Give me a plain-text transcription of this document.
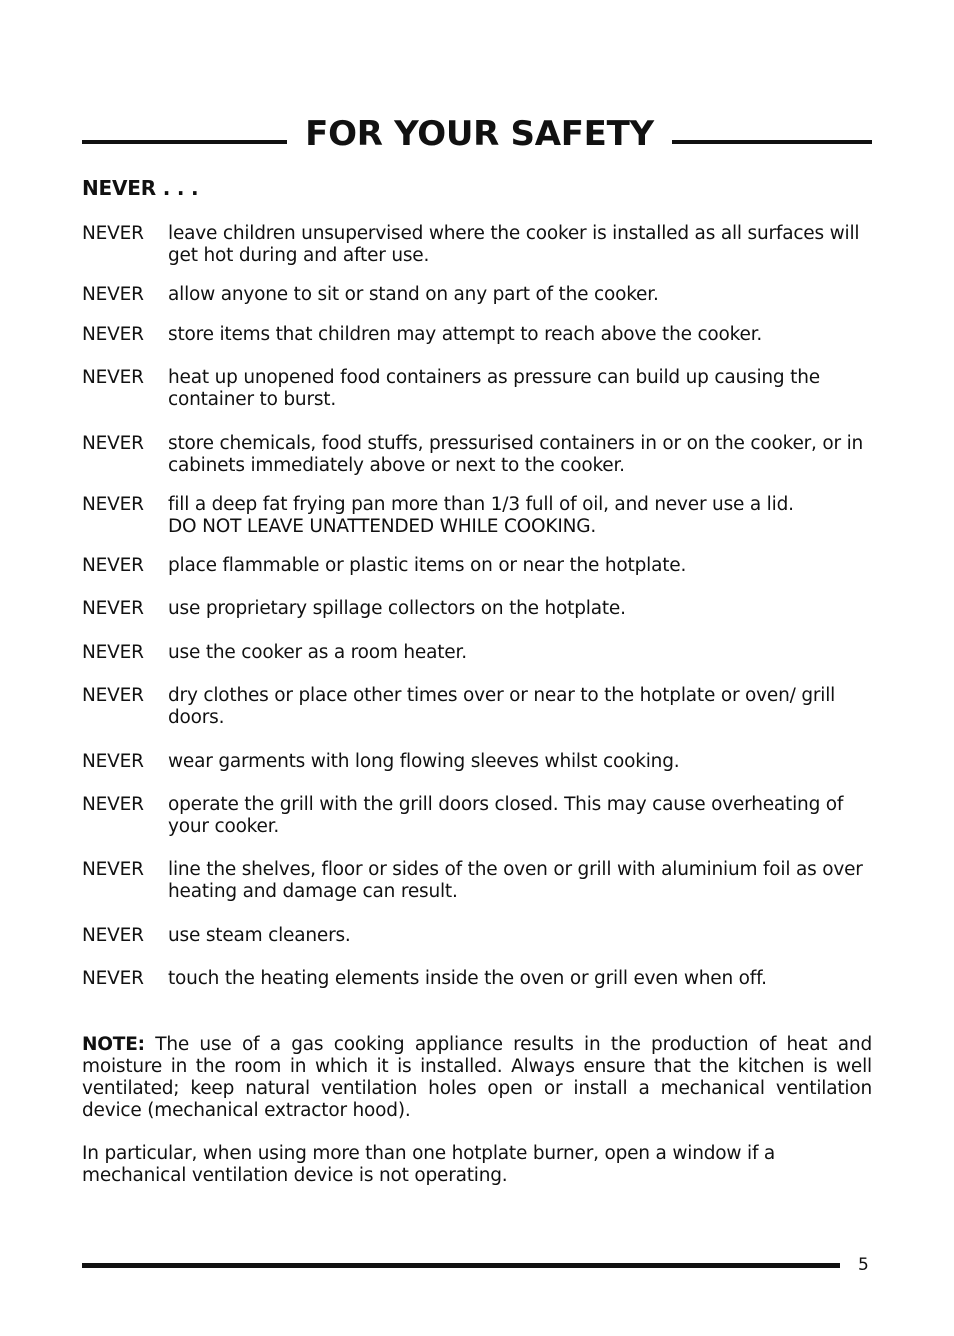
FOR YOUR SAFETY
NEVER . . .
NEVER	leave children unsupervised where the cooker is installed as all surfaces will get hot during and after use.
NEVER	allow anyone to sit or stand on any part of the cooker.
NEVER	store items that children may attempt to reach above the cooker.
NEVER	heat up unopened food containers as pressure can build up causing the container to burst.
NEVER	store chemicals, food stuffs, pressurised containers in or on the cooker, or in cabinets immediately above or next to the cooker.
NEVER	fill a deep fat frying pan more than 1/3 full of oil, and never use a lid.
DO NOT LEAVE UNATTENDED WHILE COOKING.
NEVER	place flammable or plastic items on or near the hotplate.
NEVER	use proprietary spillage collectors on the hotplate.
NEVER	use the cooker as a room heater.
NEVER	dry clothes or place other times over or near to the hotplate or oven/ grill doors.
NEVER	wear garments with long flowing sleeves whilst cooking.
NEVER	operate the grill with the grill doors closed. This may cause overheating of your cooker.
NEVER	line the shelves, floor or sides of the oven or grill with aluminium foil as over heating and damage can result.
NEVER	use steam cleaners.
NEVER	touch the heating elements inside the oven or grill even when off.
NOTE: The use of a gas cooking appliance results in the production of heat and moisture in the room in which it is installed. Always ensure that the kitchen is well ventilated; keep natural ventilation holes open or install a mechanical ventilation device (mechanical extractor hood).
In particular, when using more than one hotplate burner, open a window if a mechanical ventilation device is not operating.
5
